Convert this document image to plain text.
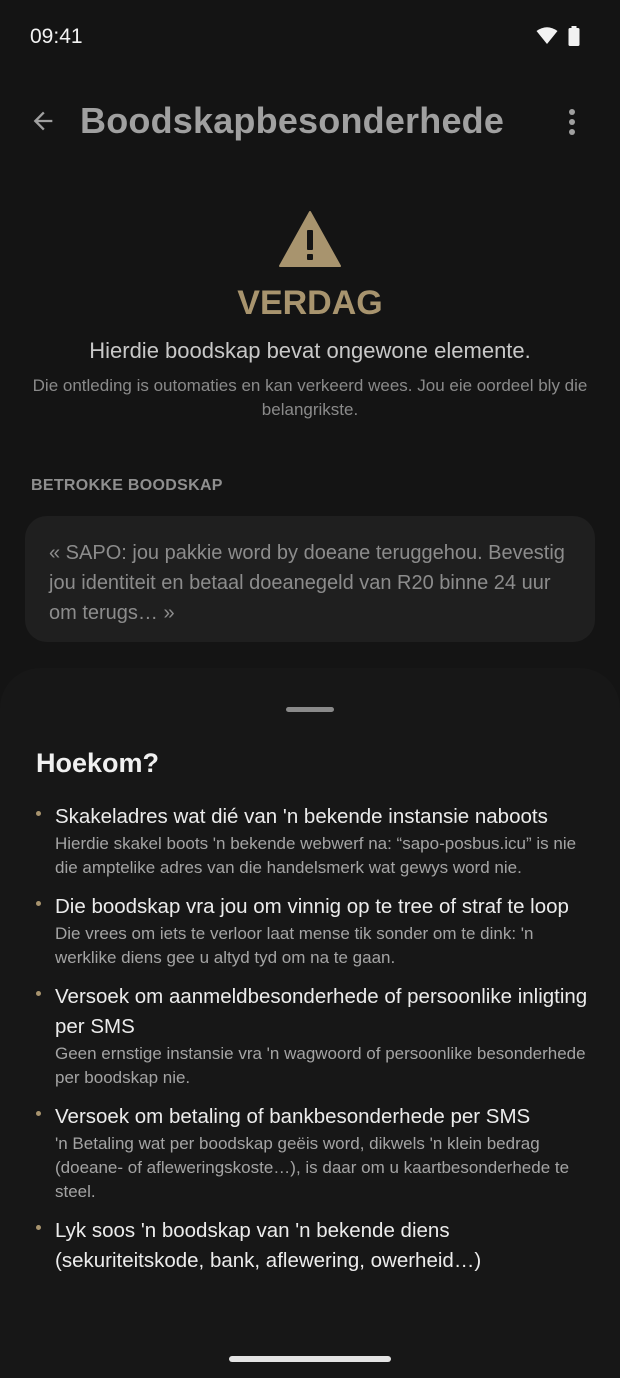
09:41
Boodskapbesonderhede
VERDAG
Hierdie boodskap bevat ongewone elemente.
Die ontleding is outomaties en kan verkeerd wees. Jou eie oordeel bly die belangrikste.
BETROKKE BOODSKAP
« SAPO: jou pakkie word by doeane teruggehou. Bevestig jou identiteit en betaal doeanegeld van R20 binne 24 uur om terugs… »
Hoekom?
Skakeladres wat dié van 'n bekende instansie naboots
Hierdie skakel boots 'n bekende webwerf na: “sapo-posbus.icu” is nie die amptelike adres van die handelsmerk wat gewys word nie.
Die boodskap vra jou om vinnig op te tree of straf te loop
Die vrees om iets te verloor laat mense tik sonder om te dink: 'n werklike diens gee u altyd tyd om na te gaan.
Versoek om aanmeldbesonderhede of persoonlike inligting per SMS
Geen ernstige instansie vra 'n wagwoord of persoonlike besonderhede per boodskap nie.
Versoek om betaling of bankbesonderhede per SMS
'n Betaling wat per boodskap geëis word, dikwels 'n klein bedrag (doeane- of afleweringskoste…), is daar om u kaartbesonderhede te steel.
Lyk soos 'n boodskap van 'n bekende diens (sekuriteitskode, bank, aflewering, owerheid…)
